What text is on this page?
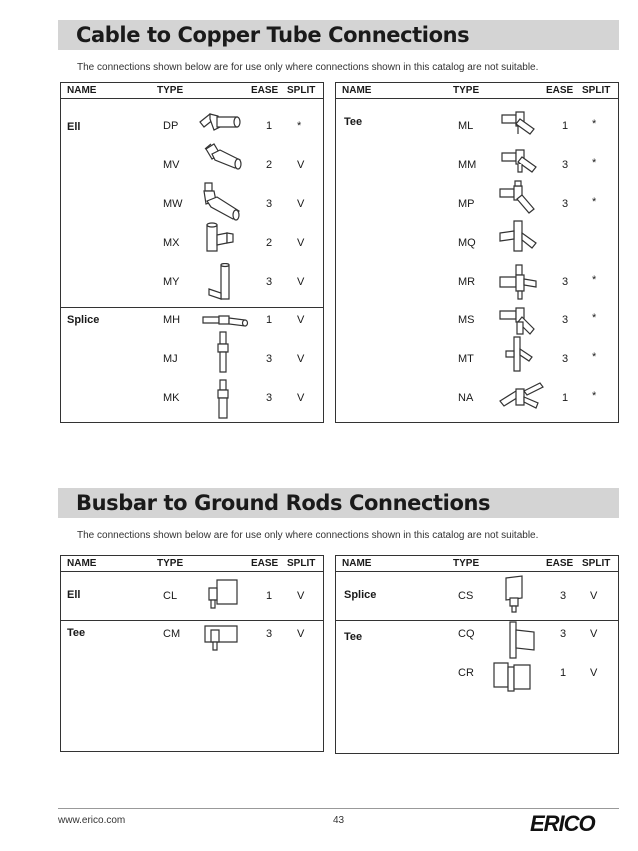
Cable to Copper Tube Connections
The connections shown below are for use only where connections shown in this catalog are not suitable.
NAME	TYPE	EASE SPLIT
Ell	DP	1 *
MV	2 V
MW	3 V
MX	2 V
MY	3 V
Splice	MH	1 V
MJ	3 V
MK	3 V
NAME	TYPE	EASE SPLIT
Tee	ML	1 *
MM	3 *
MP	3 *
MQ
MR	3 *
MS	3 *
MT	3 *
NA	1 *
Busbar to Ground Rods Connections
The connections shown below are for use only where connections shown in this catalog are not suitable.
NAME	TYPE	EASE SPLIT
Ell	CL	1 V
Tee	CM	3 V
NAME	TYPE	EASE SPLIT
Splice	CS	3 V
Tee	CQ	3 V
CR	1 V
www.erico.com	43	ERICO
